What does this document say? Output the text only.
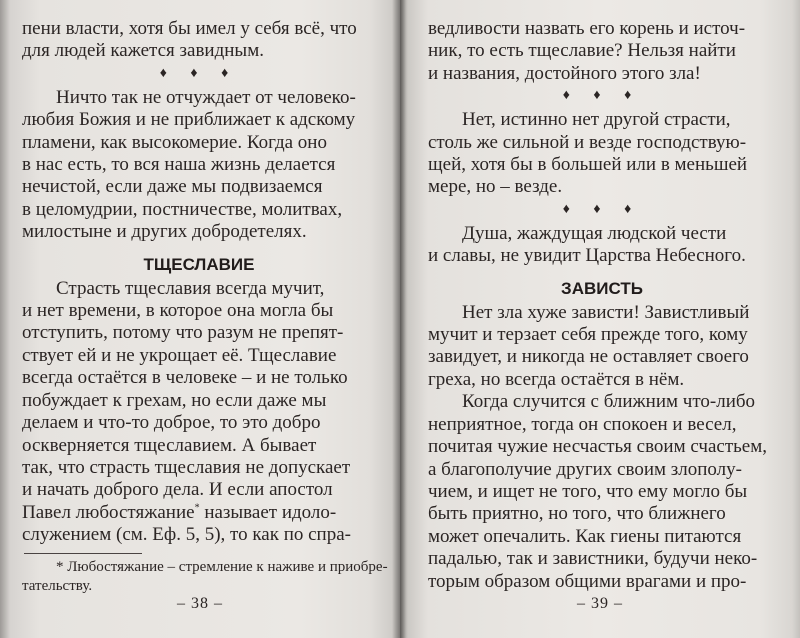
пени власти, хотя бы имел у себя всё, что
для людей кажется завидным.
♦ ♦ ♦
Ничто так не отчуждает от человеко-
любия Божия и не приближает к адскому
пламени, как высокомерие. Когда оно
в нас есть, то вся наша жизнь делается
нечистой, если даже мы подвизаемся
в целомудрии, постничестве, молитвах,
милостыне и других добродетелях.
ТЩЕСЛАВИЕ
Страсть тщеславия всегда мучит,
и нет времени, в которое она могла бы
отступить, потому что разум не препят-
ствует ей и не укрощает её. Тщеславие
всегда остаётся в человеке – и не только
побуждает к грехам, но если даже мы
делаем и что-то доброе, то это добро
оскверняется тщеславием. А бывает
так, что страсть тщеславия не допускает
и начать доброго дела. И если апостол
Павел любостяжание* называет идоло-
служением (см. Еф. 5, 5), то как по спра-
* Любостяжание – стремление к наживе и приобре-
тательству.
– 38 –
ведливости назвать его корень и источ-
ник, то есть тщеславие? Нельзя найти
и названия, достойного этого зла!
♦ ♦ ♦
Нет, истинно нет другой страсти,
столь же сильной и везде господствую-
щей, хотя бы в большей или в меньшей
мере, но – везде.
♦ ♦ ♦
Душа, жаждущая людской чести
и славы, не увидит Царства Небесного.
ЗАВИСТЬ
Нет зла хуже зависти! Завистливый
мучит и терзает себя прежде того, кому
завидует, и никогда не оставляет своего
греха, но всегда остаётся в нём.
Когда случится с ближним что-либо
неприятное, тогда он спокоен и весел,
почитая чужие несчастья своим счастьем,
а благополучие других своим злополу-
чием, и ищет не того, что ему могло бы
быть приятно, но того, что ближнего
может опечалить. Как гиены питаются
падалью, так и завистники, будучи неко-
торым образом общими врагами и про-
– 39 –
